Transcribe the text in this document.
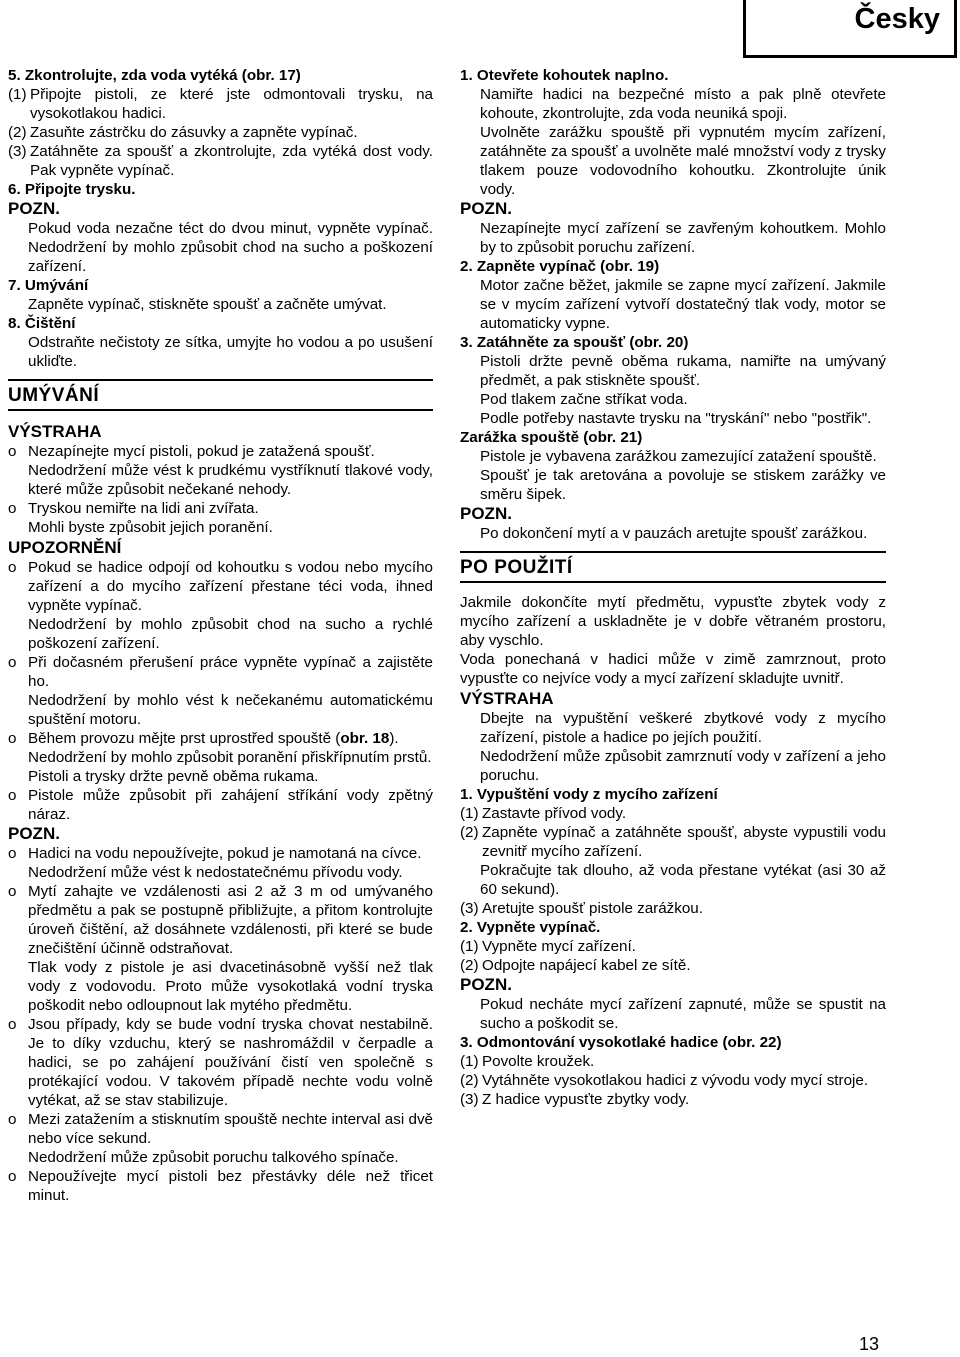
Česky

5. Zkontrolujte, zda voda vytéká (obr. 17)

(1) Připojte pistoli, ze které jste odmontovali trysku, na vysokotlakou hadici.
(2) Zasuňte zástrčku do zásuvky a zapněte vypínač.
(3) Zatáhněte za spoušť a zkontrolujte, zda vytéká dost vody. Pak vypněte vypínač.

6. Připojte trysku.

POZN.

Pokud voda nezačne téct do dvou minut, vypněte vypínač. Nedodržení by mohlo způsobit chod na sucho a poškození zařízení.

7. Umývání

Zapněte vypínač, stiskněte spoušť a začněte umývat.

8. Čištění

Odstraňte nečistoty ze sítka, umyjte ho vodou a po usušení ukliďte.

UMÝVÁNÍ

VÝSTRAHA

o Nezapínejte mycí pistoli, pokud je zatažená spoušť.

Nedodržení může vést k prudkému vystříknutí tlakové vody, které může způsobit nečekané nehody.

o Tryskou nemiřte na lidi ani zvířata.

Mohli byste způsobit jejich poranění.

UPOZORNĚNÍ

o Pokud se hadice odpojí od kohoutku s vodou nebo mycího zařízení a do mycího zařízení přestane téci voda, ihned vypněte vypínač.

Nedodržení by mohlo způsobit chod na sucho a rychlé poškození zařízení.

o Při dočasném přerušení práce vypněte vypínač a zajistěte ho.

Nedodržení by mohlo vést k nečekanému automatickému spuštění motoru.

o Během provozu mějte prst uprostřed spouště (obr. 18).

Nedodržení by mohlo způsobit poranění přiskřípnutím prstů.

Pistoli a trysky držte pevně oběma rukama.

o Pistole může způsobit při zahájení stříkání vody zpětný náraz.

POZN.

o Hadici na vodu nepoužívejte, pokud je namotaná na cívce.

Nedodržení může vést k nedostatečnému přívodu vody.

o Mytí zahajte ve vzdálenosti asi 2 až 3 m od umývaného předmětu a pak se postupně přibližujte, a přitom kontrolujte úroveň čištění, až dosáhnete vzdálenosti, při které se bude znečištění účinně odstraňovat.

Tlak vody z pistole je asi dvacetinásobně vyšší než tlak vody z vodovodu. Proto může vysokotlaká vodní tryska poškodit nebo odloupnout lak mytého předmětu.

o Jsou případy, kdy se bude vodní tryska chovat nestabilně. Je to díky vzduchu, který se nashromáždil v čerpadle a hadici, se po zahájení používání čistí ven společně s protékající vodou. V takovém případě nechte vodu volně vytékat, až se stav stabilizuje.
o Mezi zatažením a stisknutím spouště nechte interval asi dvě nebo více sekund.

Nedodržení může způsobit poruchu talkového spínače.

o Nepoužívejte mycí pistoli bez přestávky déle než třicet minut.

1. Otevřete kohoutek naplno.

Namiřte hadici na bezpečné místo a pak plně otevřete kohoute, zkontrolujte, zda voda neuniká spoji.

Uvolněte zarážku spouště při vypnutém mycím zařízení, zatáhněte za spoušť a uvolněte malé množství vody z trysky tlakem pouze vodovodního kohoutku. Zkontrolujte únik vody.

POZN.

Nezapínejte mycí zařízení se zavřeným kohoutkem. Mohlo by to způsobit poruchu zařízení.

2. Zapněte vypínač (obr. 19)

Motor začne běžet, jakmile se zapne mycí zařízení. Jakmile se v mycím zařízení vytvoří dostatečný tlak vody, motor se automaticky vypne.

3. Zatáhněte za spoušť (obr. 20)

Pistoli držte pevně oběma rukama, namiřte na umývaný předmět, a pak stiskněte spoušť.

Pod tlakem začne stříkat voda.

Podle potřeby nastavte trysku na "tryskání" nebo "postřik".

Zarážka spouště (obr. 21)

Pistole je vybavena zarážkou zamezující zatažení spouště.

Spoušť je tak aretována a povoluje se stiskem zarážky ve směru šipek.

POZN.

Po dokončení mytí a v pauzách aretujte spoušť zarážkou.

PO POUŽITÍ

Jakmile dokončíte mytí předmětu, vypusťte zbytek vody z mycího zařízení a uskladněte je v dobře větraném prostoru, aby vyschlo.

Voda ponechaná v hadici může v zimě zamrznout, proto vypusťte co nejvíce vody a mycí zařízení skladujte uvnitř.

VÝSTRAHA

Dbejte na vypuštění veškeré zbytkové vody z mycího zařízení, pistole a hadice po jejích použití.

Nedodržení může způsobit zamrznutí vody v zařízení a jeho poruchu.

1. Vypuštění vody z mycího zařízení

(1) Zastavte přívod vody.
(2) Zapněte vypínač a zatáhněte spoušť, abyste vypustili vodu zevnitř mycího zařízení.

Pokračujte tak dlouho, až voda přestane vytékat (asi 30 až 60 sekund).

(3) Aretujte spoušť pistole zarážkou.

2. Vypněte vypínač.

(1) Vypněte mycí zařízení.
(2) Odpojte napájecí kabel ze sítě.

POZN.

Pokud necháte mycí zařízení zapnuté, může se spustit na sucho a poškodit se.

3. Odmontování vysokotlaké hadice (obr. 22)

(1) Povolte kroužek.
(2) Vytáhněte vysokotlakou hadici z vývodu vody mycí stroje.
(3) Z hadice vypusťte zbytky vody.
13
